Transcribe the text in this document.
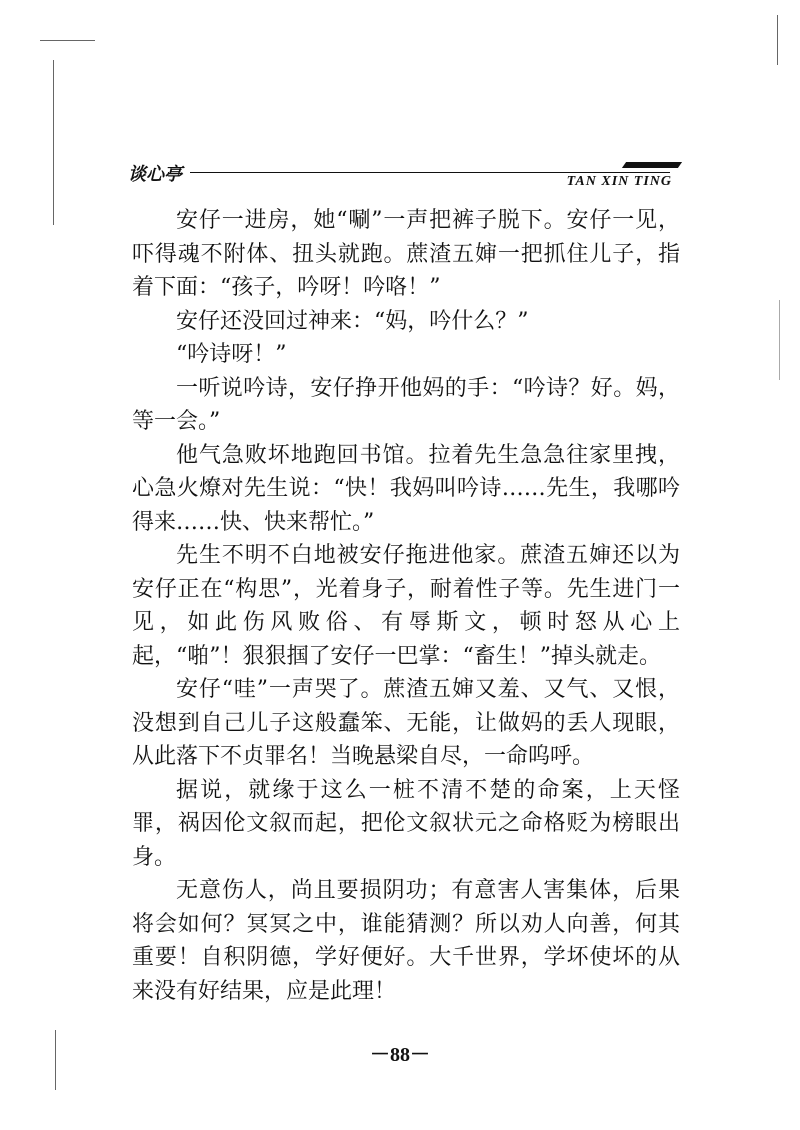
谈心亭	TAN XIN TING

安仔一进房，她“唰”一声把裤子脱下。安仔一见，吓得魂不附体、扭头就跑。蔗渣五婶一把抓住儿子，指着下面：“孩子，吟呀！吟咯！”

安仔还没回过神来：“妈，吟什么？”

“吟诗呀！”

一听说吟诗，安仔挣开他妈的手：“吟诗？好。妈，等一会。”

他气急败坏地跑回书馆。拉着先生急急往家里拽，心急火燎对先生说：“快！我妈叫吟诗……先生，我哪吟得来……快、快来帮忙。”

先生不明不白地被安仔拖进他家。蔗渣五婶还以为安仔正在“构思”，光着身子，耐着性子等。先生进门一见，如此伤风败俗、有辱斯文，顿时怒从心上起，“啪”！狠狠掴了安仔一巴掌：“畜生！”掉头就走。

安仔“哇”一声哭了。蔗渣五婶又羞、又气、又恨，没想到自己儿子这般蠢笨、无能，让做妈的丢人现眼，从此落下不贞罪名！当晚悬梁自尽，一命呜呼。

据说，就缘于这么一桩不清不楚的命案，上天怪罪，祸因伦文叙而起，把伦文叙状元之命格贬为榜眼出身。

无意伤人，尚且要损阴功；有意害人害集体，后果将会如何？冥冥之中，谁能猜测？所以劝人向善，何其重要！自积阴德，学好便好。大千世界，学坏使坏的从来没有好结果，应是此理！

－88－
